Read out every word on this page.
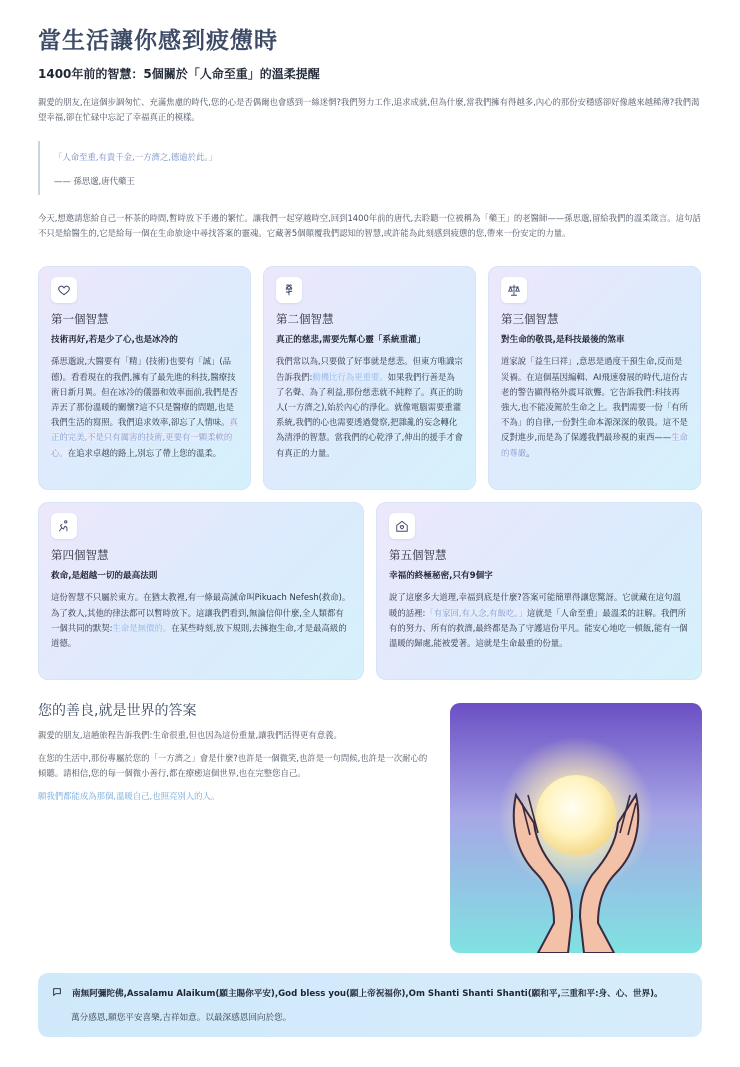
當生活讓你感到疲憊時
1400年前的智慧：5個關於「人命至重」的溫柔提醒

親愛的朋友,在這個步調匆忙、充滿焦慮的時代,您的心是否偶爾也會感到一絲迷惘?我們努力工作,追求成就,但為什麼,當我們擁有得越多,內心的那份安穩感卻好像越來越稀薄?我們渴望幸福,卻在忙碌中忘記了幸福真正的模樣。

「人命至重,有貴千金,一方濟之,德逾於此。」
—— 孫思邈,唐代藥王

今天,想邀請您給自己一杯茶的時間,暫時放下手邊的繁忙。讓我們一起穿越時空,回到1400年前的唐代,去聆聽一位被稱為「藥王」的老醫師——孫思邈,留給我們的溫柔箴言。這句話不只是給醫生的,它是給每一個在生命旅途中尋找答案的靈魂。它藏著5個顛覆我們認知的智慧,或許能為此刻感到疲憊的您,帶來一份安定的力量。

第一個智慧
技術再好,若是少了心,也是冰冷的
孫思邈說,大醫要有「精」(技術)也要有「誠」(品德)。看看現在的我們,擁有了最先進的科技,醫療技術日新月異。但在冰冷的儀器和效率面前,我們是否弄丟了那份溫暖的關懷?這不只是醫療的問題,也是我們生活的寫照。我們追求效率,卻忘了人情味。真正的完美,不是只有厲害的技術,更要有一顆柔軟的心。在追求卓越的路上,別忘了帶上您的溫柔。
第二個智慧
真正的慈悲,需要先幫心靈「系統重灌」
我們常以為,只要做了好事就是慈悲。但東方唯識宗告訴我們:動機比行為更重要。如果我們行善是為了名聲、為了利益,那份慈悲就不純粹了。真正的助人(一方濟之),始於內心的淨化。就像電腦需要重灌系統,我們的心也需要透過覺察,把雜亂的妄念轉化為清淨的智慧。當我們的心乾淨了,伸出的援手才會有真正的力量。
第三個智慧
對生命的敬畏,是科技最後的煞車
道家說「益生曰祥」,意思是過度干預生命,反而是災禍。在這個基因編輯、AI飛速發展的時代,這份古老的警告顯得格外震耳欲聾。它告訴我們:科技再強大,也不能凌駕於生命之上。我們需要一份「有所不為」的自律,一份對生命本源深深的敬畏。這不是反對進步,而是為了保護我們最珍視的東西——生命的尊嚴。
第四個智慧
救命,是超越一切的最高法則
這份智慧不只屬於東方。在猶太教裡,有一條最高誡命叫Pikuach Nefesh(救命)。為了救人,其他的律法都可以暫時放下。這讓我們看到,無論信仰什麼,全人類都有一個共同的默契:生命是無價的。在某些時刻,放下規則,去擁抱生命,才是最高級的道德。
第五個智慧
幸福的終極秘密,只有9個字
說了這麼多大道理,幸福到底是什麼?答案可能簡單得讓您驚訝。它就藏在這句溫暖的話裡:「有家回,有人念,有飯吃。」這就是「人命至重」最溫柔的註解。我們所有的努力、所有的救濟,最終都是為了守護這份平凡。能安心地吃一頓飯,能有一個溫暖的歸處,能被愛著。這就是生命最重的份量。
您的善良,就是世界的答案

親愛的朋友,這趟旅程告訴我們:生命很重,但也因為這份重量,讓我們活得更有意義。

在您的生活中,那份專屬於您的「一方濟之」會是什麼?也許是一個微笑,也許是一句問候,也許是一次耐心的傾聽。請相信,您的每一個微小善行,都在療癒這個世界,也在完整您自己。

願我們都能成為那個,溫暖自己,也照亮別人的人。

南無阿彌陀佛,Assalamu Alaikum(願主賜你平安),God bless you(願上帝祝福你),Om Shanti Shanti Shanti(願和平,三重和平:身、心、世界)。
萬分感恩,願您平安喜樂,吉祥如意。以最深感恩回向於您。
